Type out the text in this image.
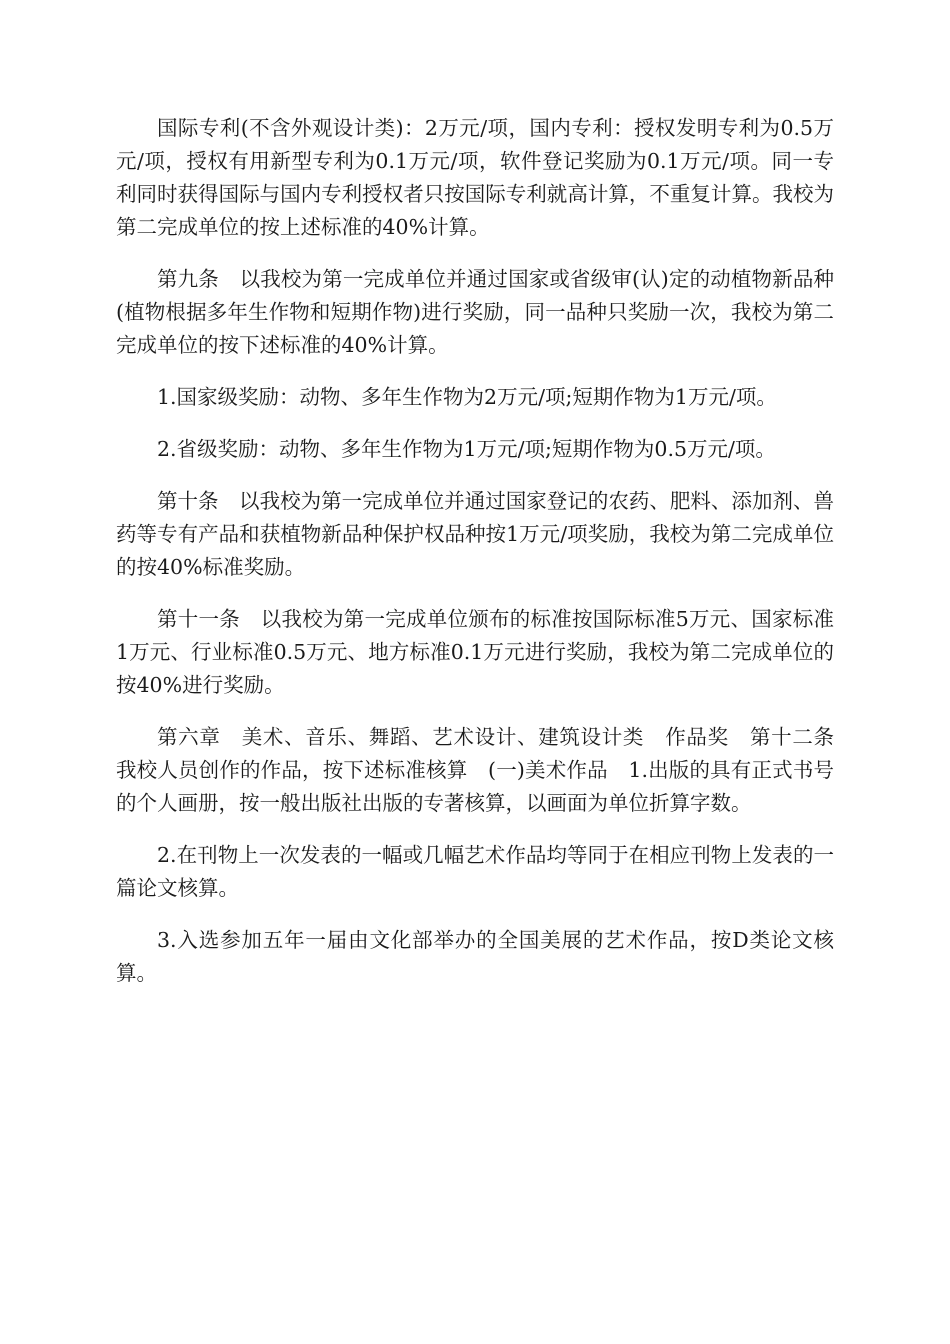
国际专利(不含外观设计类)：2万元/项，国内专利：授权发明专利为0.5万元/项，授权有用新型专利为0.1万元/项，软件登记奖励为0.1万元/项。同一专利同时获得国际与国内专利授权者只按国际专利就高计算，不重复计算。我校为第二完成单位的按上述标准的40%计算。

第九条　以我校为第一完成单位并通过国家或省级审(认)定的动植物新品种(植物根据多年生作物和短期作物)进行奖励，同一品种只奖励一次，我校为第二完成单位的按下述标准的40%计算。

1.国家级奖励：动物、多年生作物为2万元/项;短期作物为1万元/项。

2.省级奖励：动物、多年生作物为1万元/项;短期作物为0.5万元/项。

第十条　以我校为第一完成单位并通过国家登记的农药、肥料、添加剂、兽药等专有产品和获植物新品种保护权品种按1万元/项奖励，我校为第二完成单位的按40%标准奖励。

第十一条　以我校为第一完成单位颁布的标准按国际标准5万元、国家标准1万元、行业标准0.5万元、地方标准0.1万元进行奖励，我校为第二完成单位的按40%进行奖励。

第六章　美术、音乐、舞蹈、艺术设计、建筑设计类　作品奖　第十二条　我校人员创作的作品，按下述标准核算　(一)美术作品　1.出版的具有正式书号的个人画册，按一般出版社出版的专著核算，以画面为单位折算字数。

2.在刊物上一次发表的一幅或几幅艺术作品均等同于在相应刊物上发表的一篇论文核算。

3.入选参加五年一届由文化部举办的全国美展的艺术作品，按D类论文核算。
